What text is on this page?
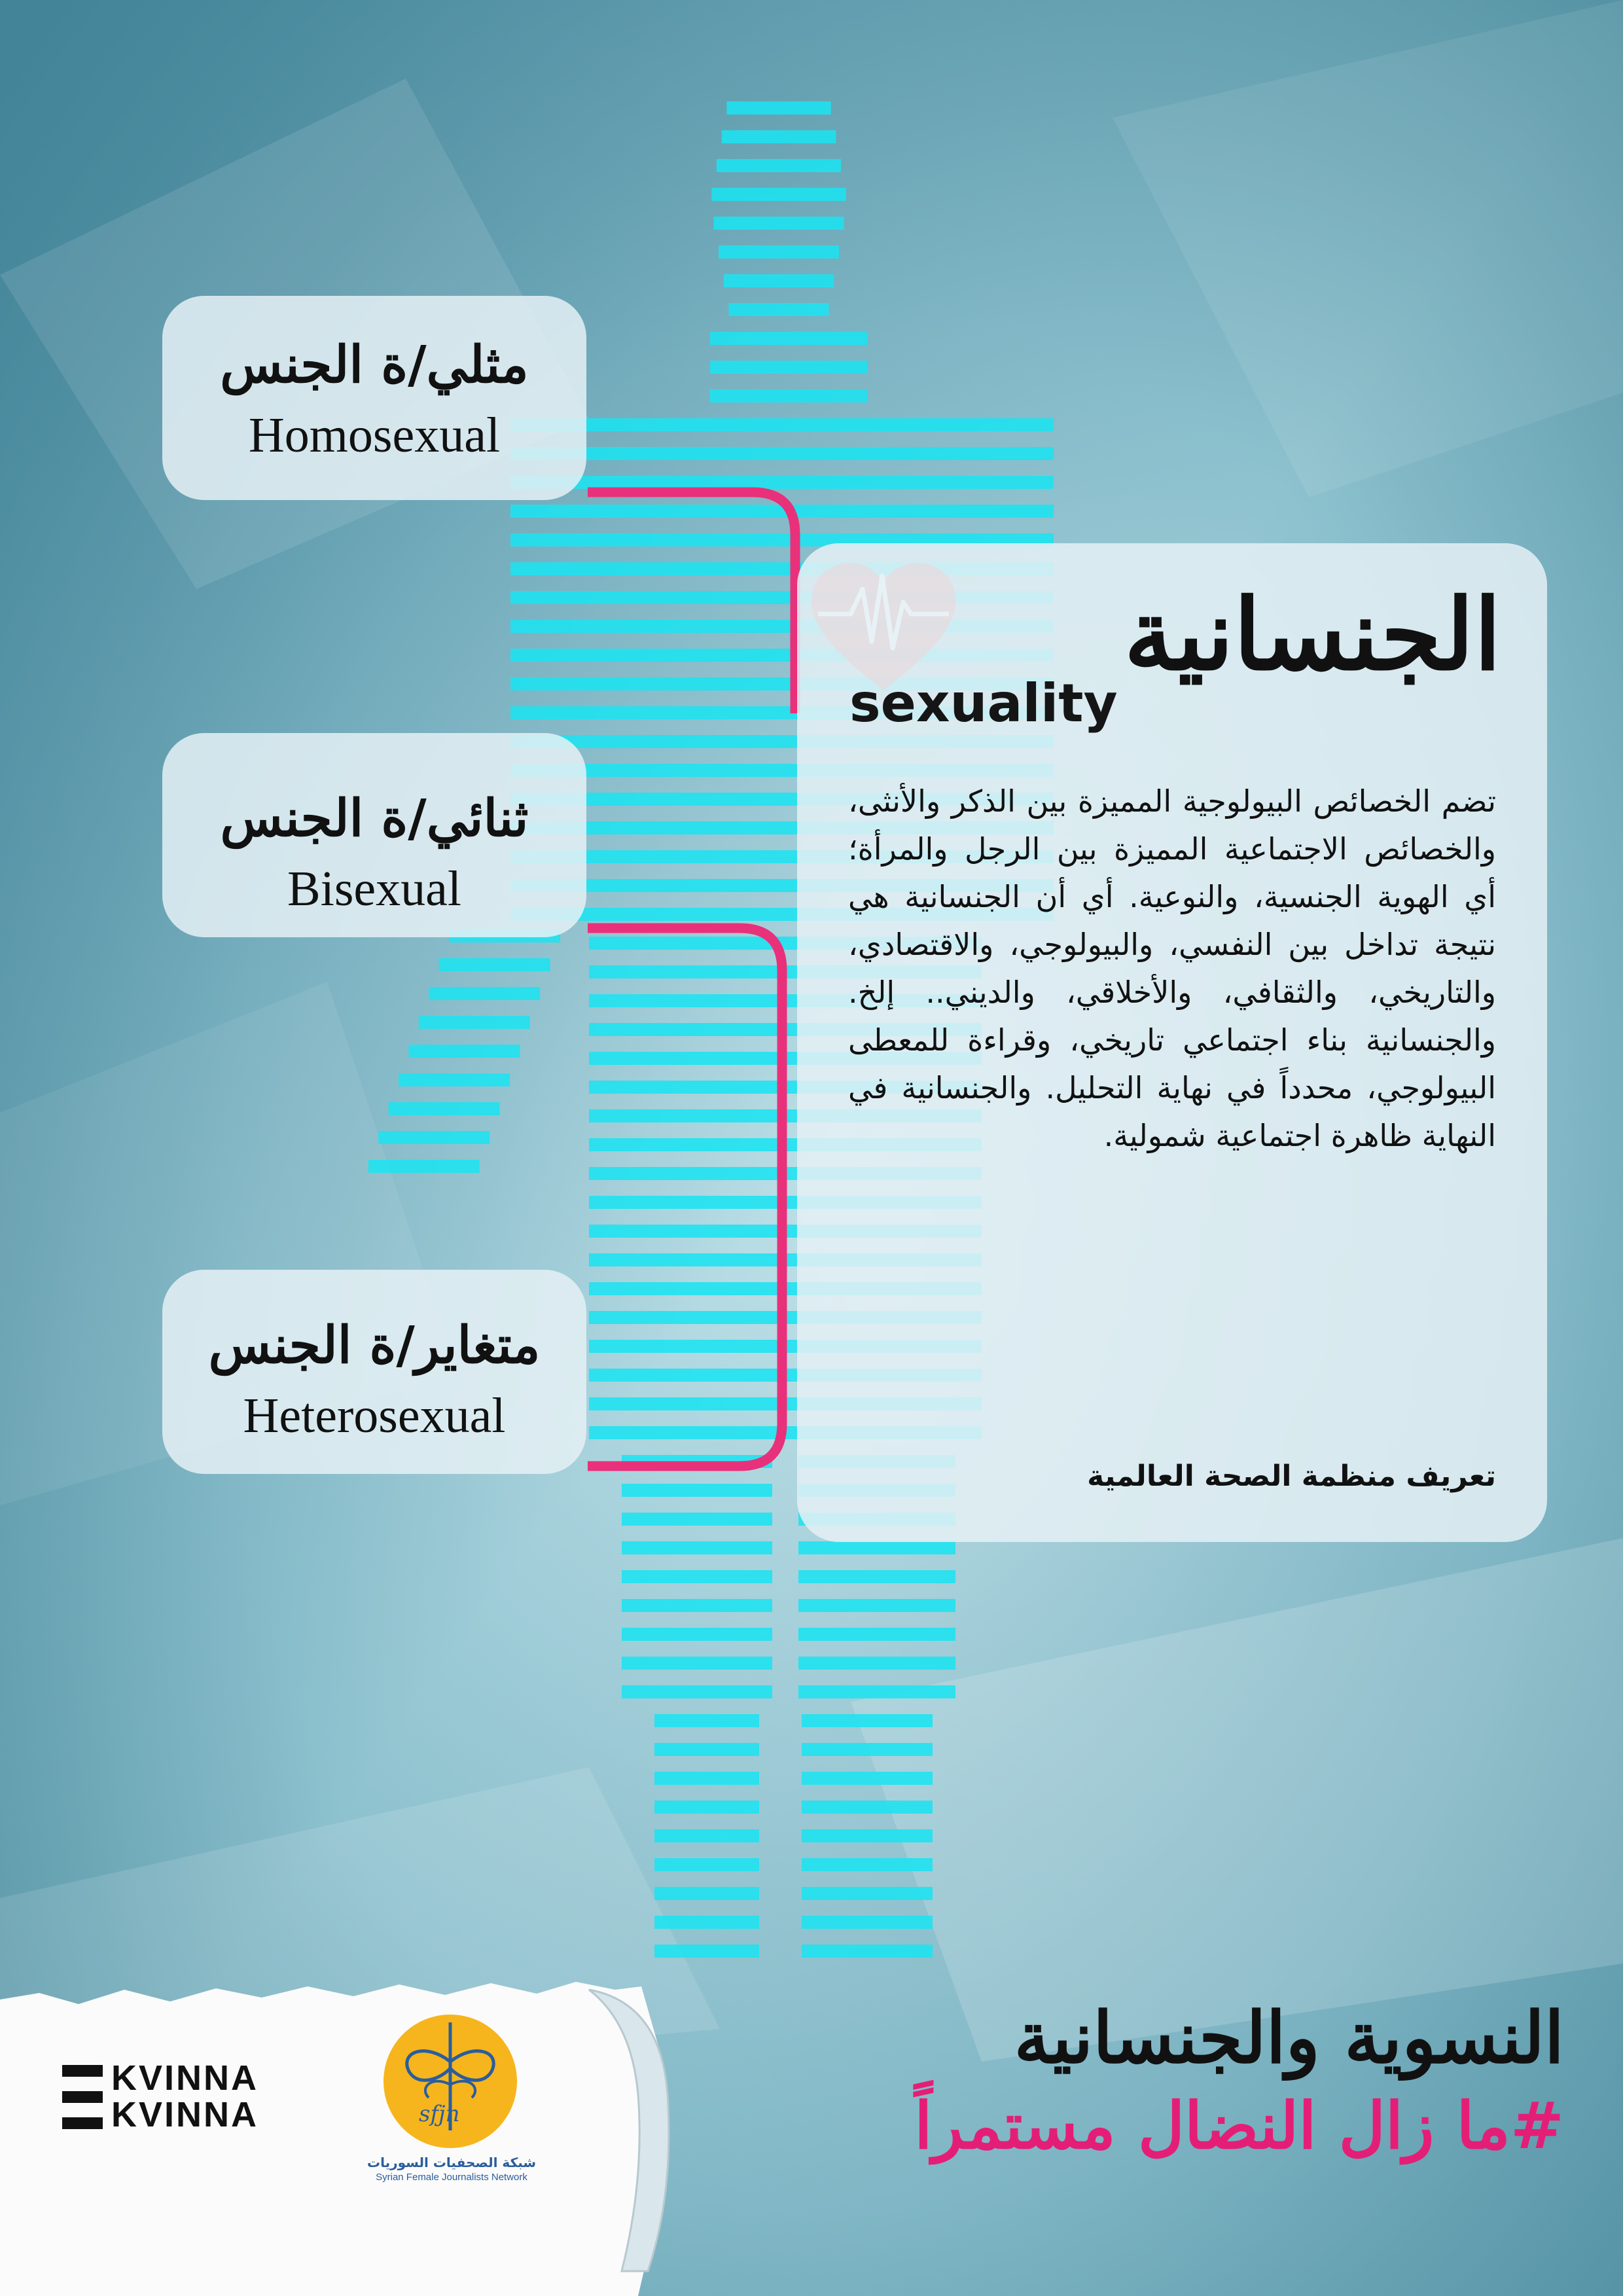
مثلي/ة الجنس
Homosexual
ثنائي/ة الجنس
Bisexual
متغاير/ة الجنس
Heterosexual
الجنسانية
sexuality
تضم الخصائص البيولوجية المميزة بين الذكر والأنثى، والخصائص الاجتماعية المميزة بين الرجل والمرأة؛ أي الهوية الجنسية، والنوعية. أي أن الجنسانية هي نتيجة تداخل بين النفسي، والبيولوجي، والاقتصادي، والتاريخي، والثقافي، والأخلاقي، والديني.. إلخ. والجنسانية بناء اجتماعي تاريخي، وقراءة للمعطى البيولوجي، محدداً في نهاية التحليل. والجنسانية في النهاية ظاهرة اجتماعية شمولية.
تعريف منظمة الصحة العالمية
النسوية والجنسانية
#ما زال النضال مستمراً
KVINNA
KVINNA	sfjn
شبكة الصحفيات السوريات
Syrian Female Journalists Network
